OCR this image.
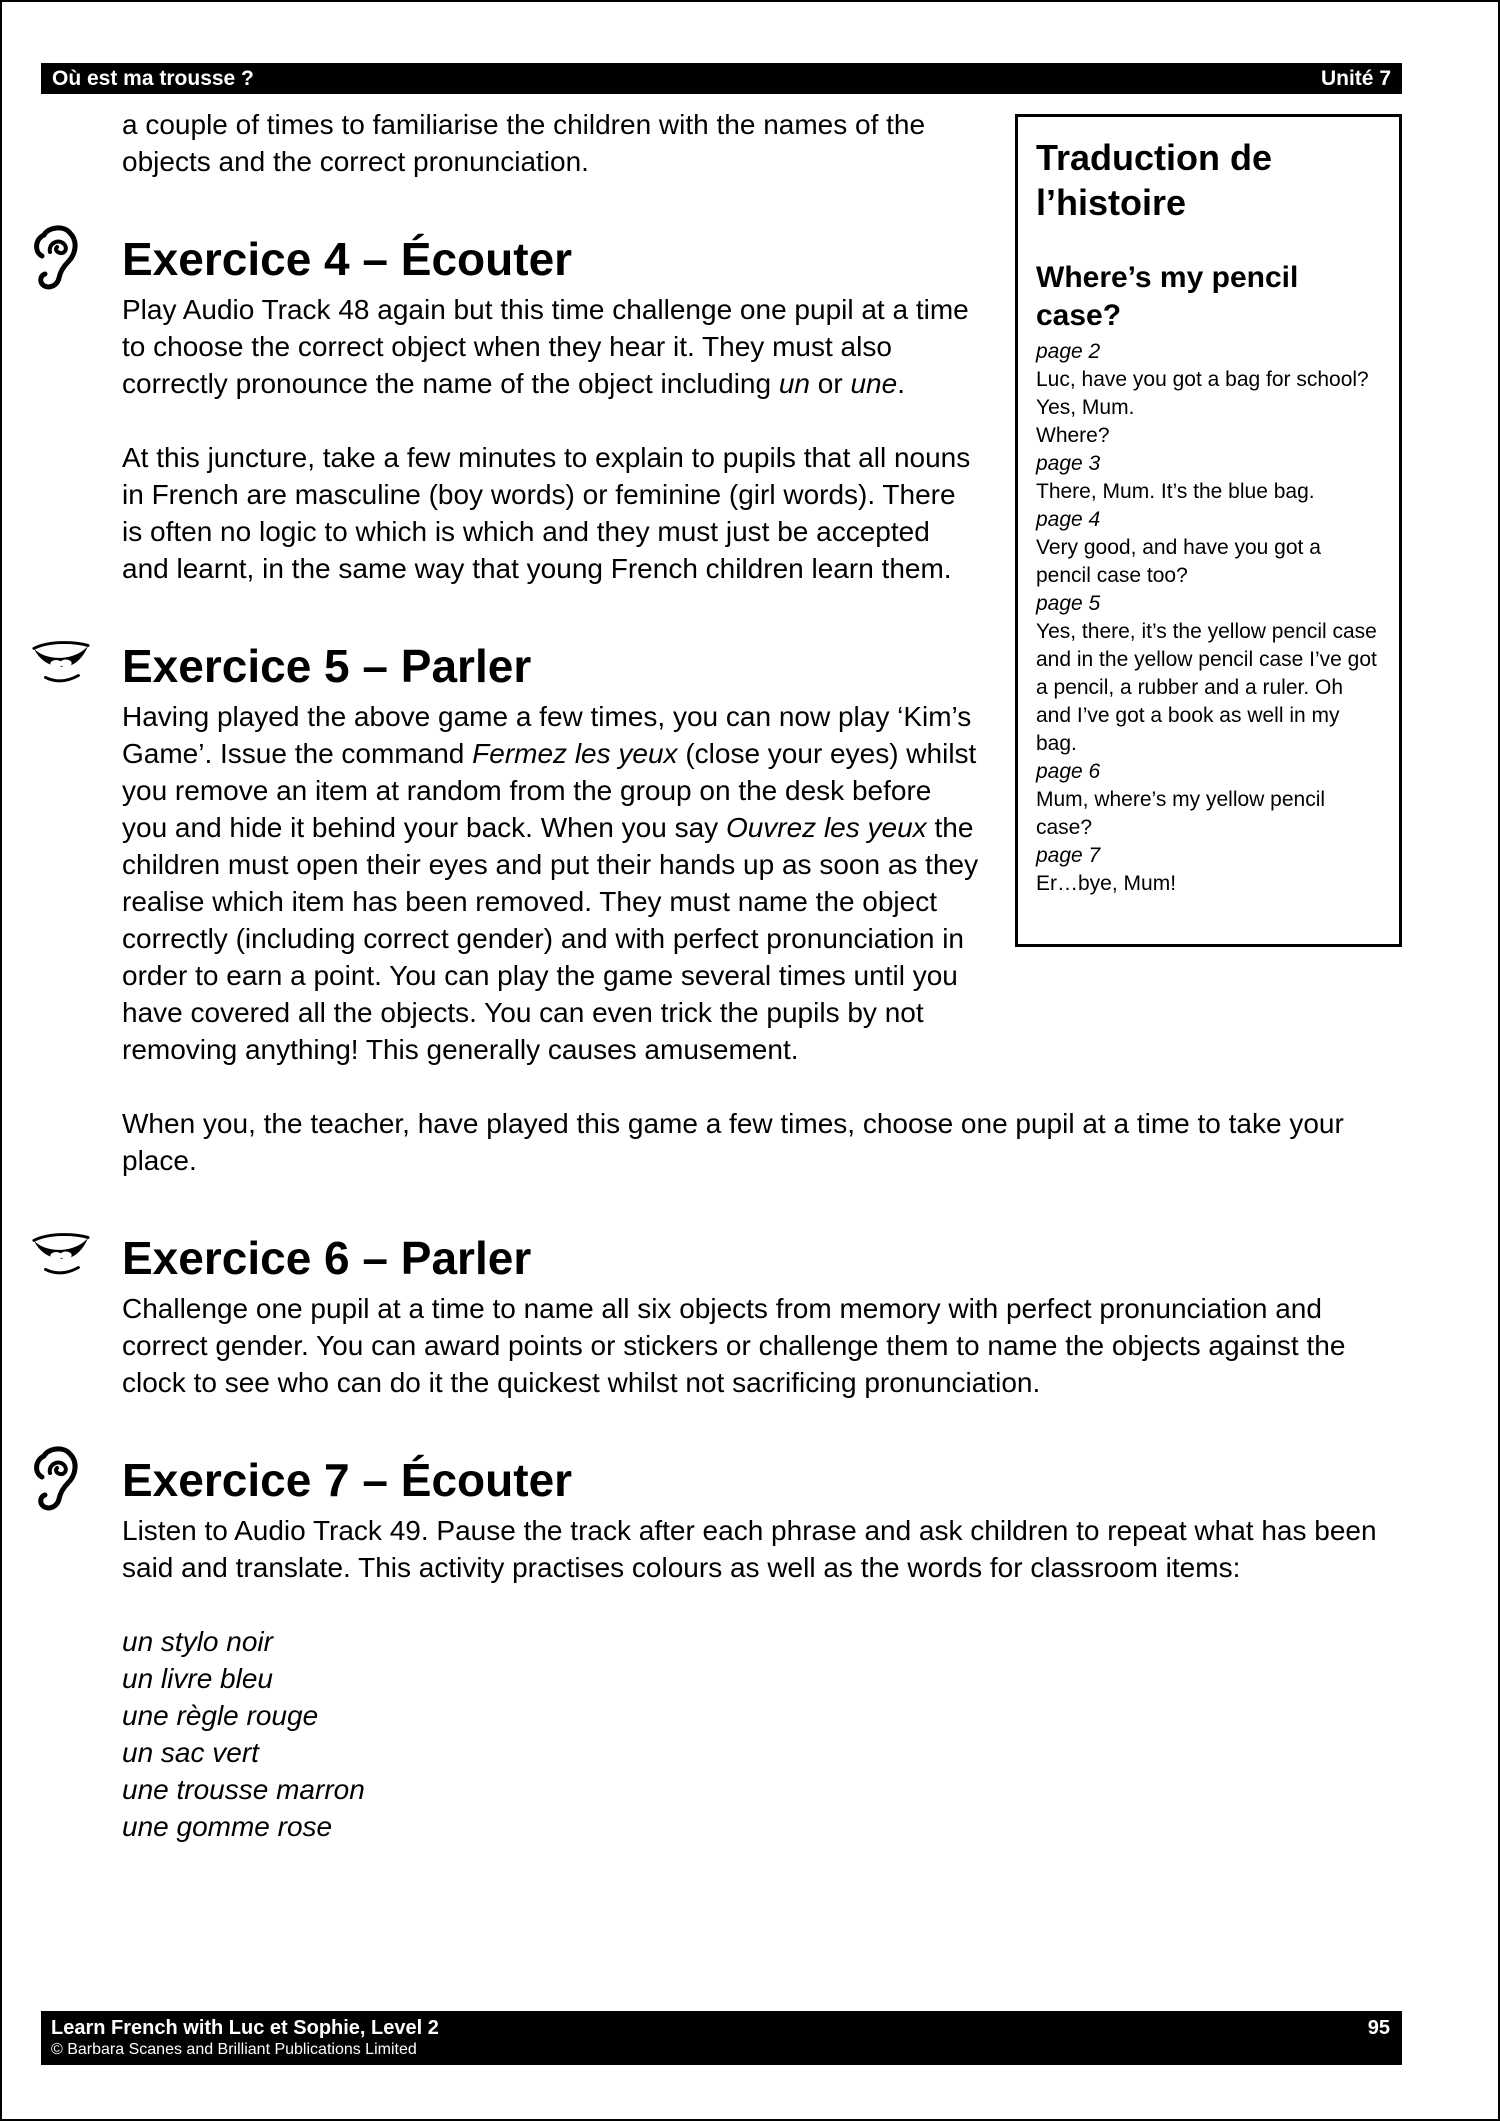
Où est ma trousse ?	Unité 7
Traduction de l’histoire
Where’s my pencil case?
page 2
Luc, have you got a bag for school?
Yes, Mum.
Where?
page 3
There, Mum. It’s the blue bag.
page 4
Very good, and have you got a pencil case too?
page 5
Yes, there, it’s the yellow pencil case and in the yellow pencil case I’ve got a pencil, a rubber and a ruler. Oh and I’ve got a book as well in my bag.
page 6
Mum, where’s my yellow pencil case?
page 7
Er…bye, Mum!

a couple of times to familiarise the children with the names of the objects and the correct pronunciation.

Exercice 4 – Écouter
Play Audio Track 48 again but this time challenge one pupil at a time to choose the correct object when they hear it. They must also correctly pronounce the name of the object including un or une.
At this juncture, take a few minutes to explain to pupils that all nouns in French are masculine (boy words) or feminine (girl words). There is often no logic to which is which and they must just be accepted and learnt, in the same way that young French children learn them.
Exercice 5 – Parler
Having played the above game a few times, you can now play ‘Kim’s Game’. Issue the command Fermez les yeux (close your eyes) whilst you remove an item at random from the group on the desk before you and hide it behind your back. When you say Ouvrez les yeux the children must open their eyes and put their hands up as soon as they realise which item has been removed. They must name the object correctly (including correct gender) and with perfect pronunciation in order to earn a point. You can play the game several times until you have covered all the objects. You can even trick the pupils by not removing anything! This generally causes amusement.
When you, the teacher, have played this game a few times, choose one pupil at a time to take your place.
Exercice 6 – Parler
Challenge one pupil at a time to name all six objects from memory with perfect pronunciation and correct gender. You can award points or stickers or challenge them to name the objects against the clock to see who can do it the quickest whilst not sacrificing pronunciation.
Exercice 7 – Écouter
Listen to Audio Track 49. Pause the track after each phrase and ask children to repeat what has been said and translate. This activity practises colours as well as the words for classroom items:
un stylo noir
un livre bleu
une règle rouge
un sac vert
une trousse marron
une gomme rose
Learn French with Luc et Sophie, Level 2	95
© Barbara Scanes and Brilliant Publications Limited
